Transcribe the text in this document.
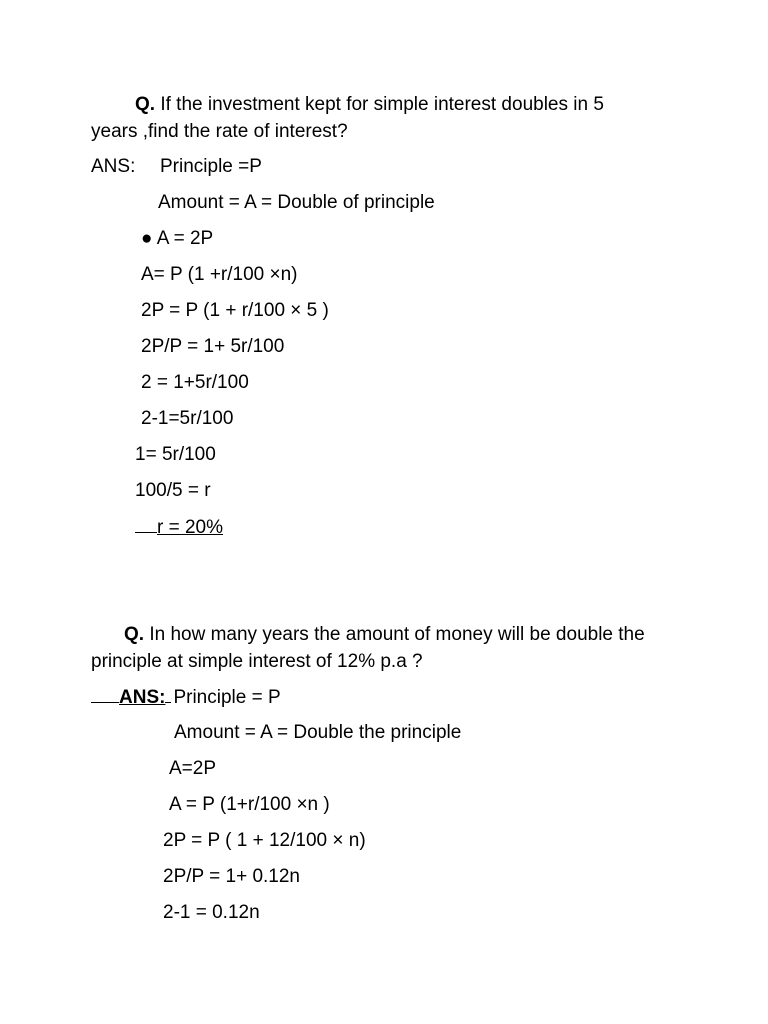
Q. If the investment kept for simple interest doubles in 5
years ,find the rate of interest?
ANS: Principle =P
Amount = A = Double of principle
● A = 2P
A= P (1 +r/100 ×n)
2P = P (1 + r/100 × 5 )
2P/P = 1+ 5r/100
2 = 1+5r/100
2-1=5r/100
1= 5r/100
100/5 = r
r = 20%
Q. In how many years the amount of money will be double the
principle at simple interest of 12% p.a ?
ANS: Principle = P
Amount = A = Double the principle
A=2P
A = P (1+r/100 ×n )
2P = P ( 1 + 12/100 × n)
2P/P = 1+ 0.12n
2-1 = 0.12n
